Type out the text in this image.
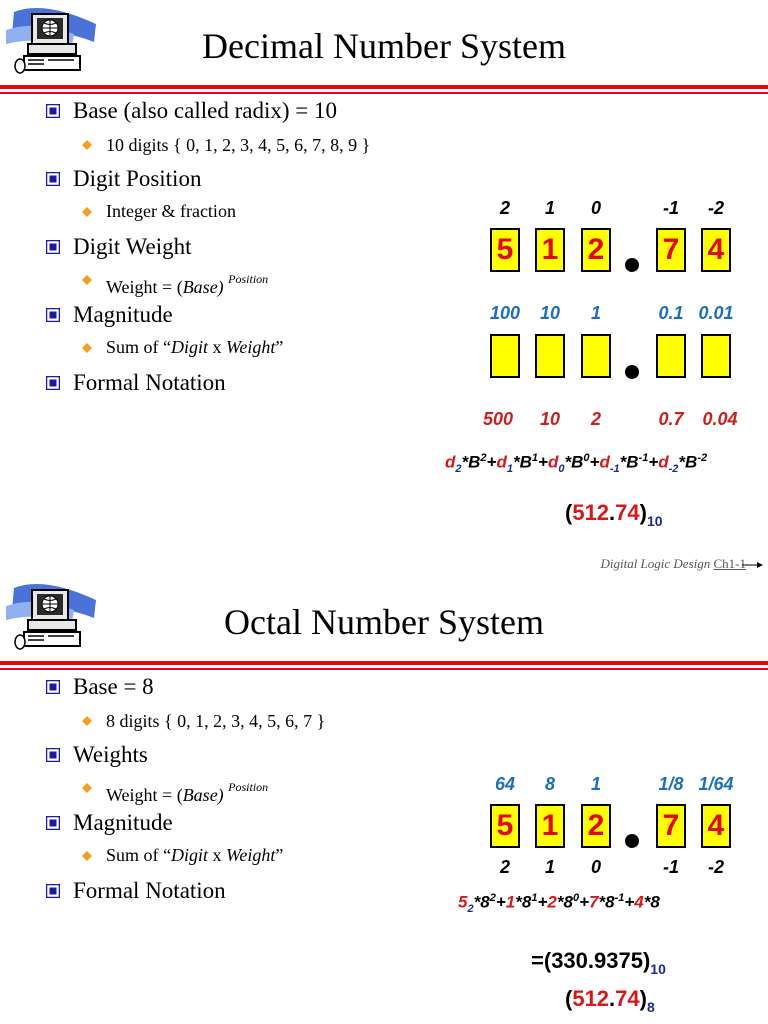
Decimal Number System
Base (also called radix) = 10
10 digits { 0, 1, 2, 3, 4, 5, 6, 7, 8, 9 }
Digit Position
Integer & fraction
Digit Weight
Weight = (Base) $^{Position}$
Magnitude
Sum of “Digit x Weight”
Formal Notation
2	1	0	-1	-2
5 1 2 7 4
100	10	1	0.1 0.01
500	10	2	0.7	0.04
$d_2*B^2+d_1*B^1+d_0*B^0+d_{-1}*B^{-1}+d_{-2}*B^{-2}$
$(512.74)_{10}$
Digital Logic Design Ch1-1
Octal Number System
Base = 8
8 digits { 0, 1, 2, 3, 4, 5, 6, 7 }
Weights
Weight = (Base) $^{Position}$
Magnitude
Sum of “Digit x Weight”
Formal Notation
64	8	1	1/8 1/64
5 1 2 7 4
2	1	0	-1	-2
$5_2*8^2+1*8^1+2*8^0+7*8^{-1}+4*8$
$=(330.9375)_{10}$
$(512.74)_8$
